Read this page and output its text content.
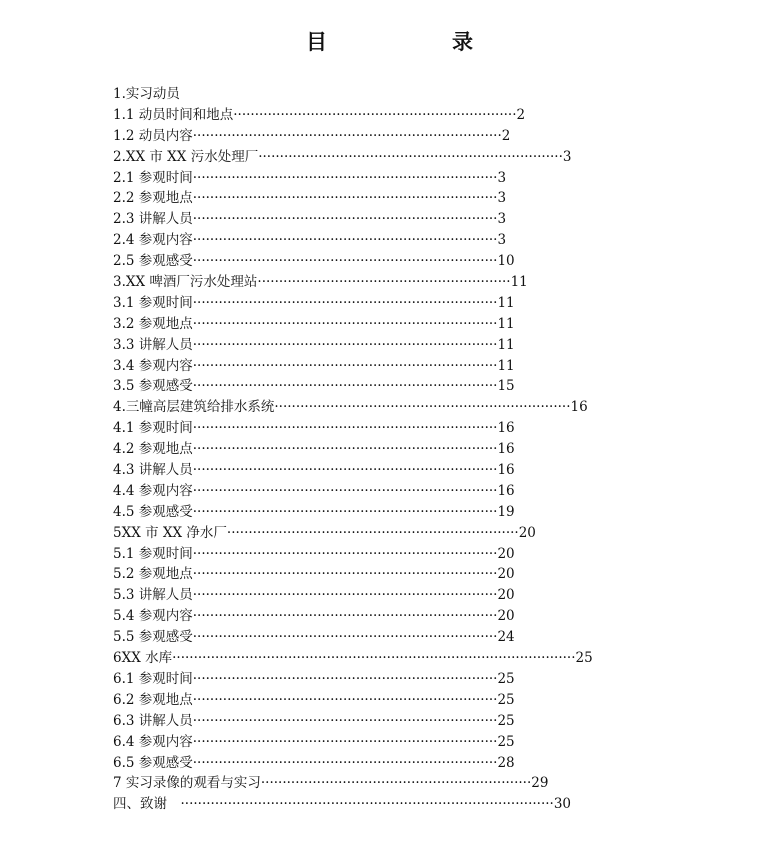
目　录
1.实习动员
1.1 动员时间和地点··································································2
1.2 动员内容········································································2
2.XX 市 XX 污水处理厂·······································································3
2.1 参观时间·······································································3
2.2 参观地点·······································································3
2.3 讲解人员·······································································3
2.4 参观内容·······································································3
2.5 参观感受·······································································10
3.XX 啤酒厂污水处理站···························································11
3.1 参观时间·······································································11
3.2 参观地点·······································································11
3.3 讲解人员·······································································11
3.4 参观内容·······································································11
3.5 参观感受·······································································15
4.三幢高层建筑给排水系统·····································································16
4.1 参观时间·······································································16
4.2 参观地点·······································································16
4.3 讲解人员·······································································16
4.4 参观内容·······································································16
4.5 参观感受·······································································19
5XX 市 XX 净水厂····································································20
5.1 参观时间·······································································20
5.2 参观地点·······································································20
5.3 讲解人员·······································································20
5.4 参观内容·······································································20
5.5 参观感受·······································································24
6XX 水库······························································································25
6.1 参观时间·······································································25
6.2 参观地点·······································································25
6.3 讲解人员·······································································25
6.4 参观内容·······································································25
6.5 参观感受·······································································28
7 实习录像的观看与实习·······························································29
四、致谢　·······················································································30
